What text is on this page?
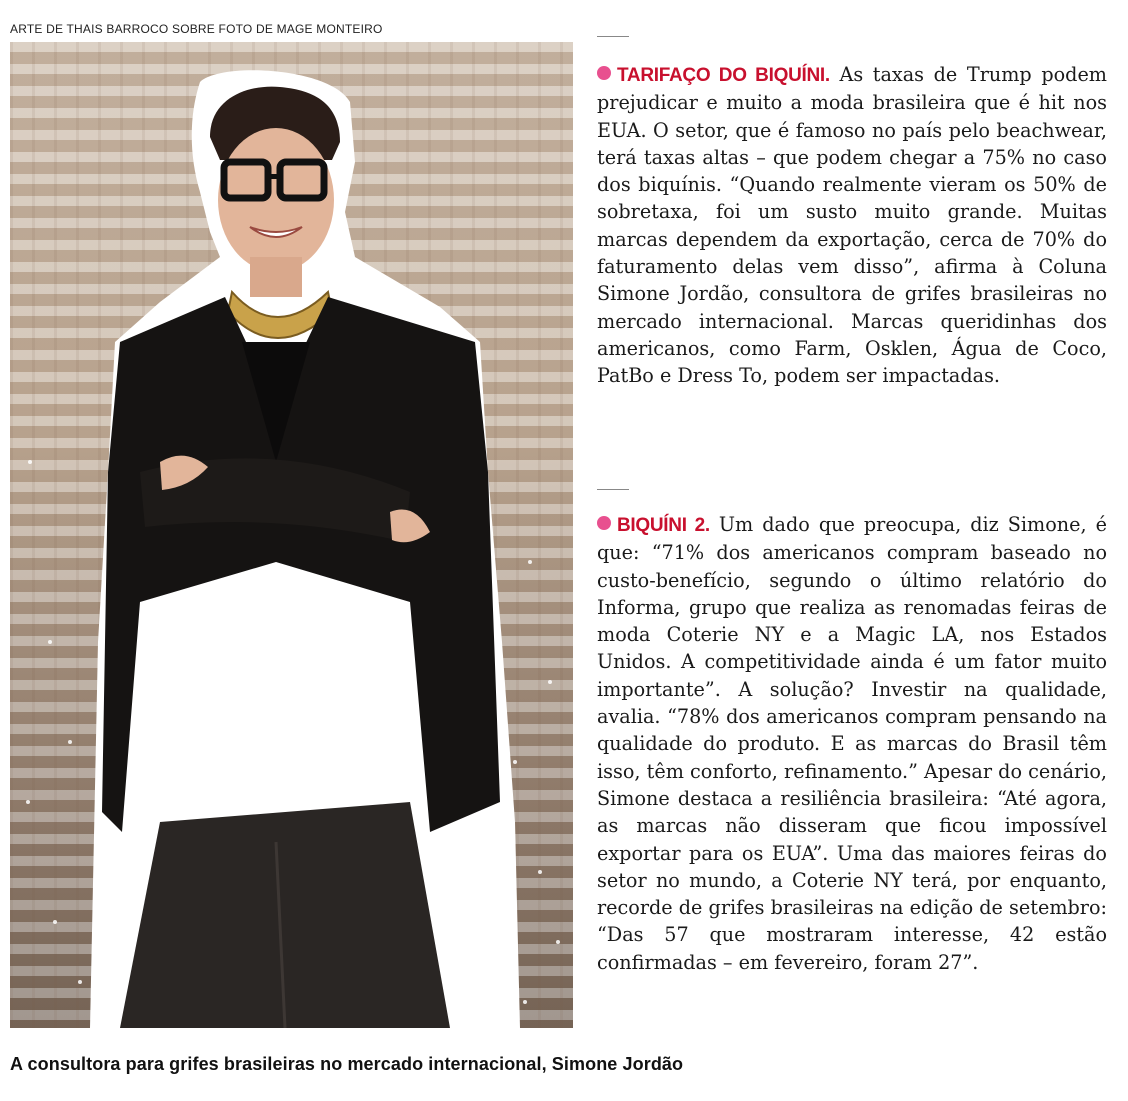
ARTE DE THAIS BARROCO SOBRE FOTO DE MAGE MONTEIRO
TARIFAÇO DO BIQUÍNI. As taxas de Trump podem prejudicar e muito a moda brasileira que é hit nos EUA. O setor, que é famoso no país pelo beachwear, terá taxas altas – que podem chegar a 75% no caso dos biquínis. “Quando realmente vieram os 50% de sobretaxa, foi um susto muito grande. Muitas marcas dependem da exportação, cerca de 70% do faturamento delas vem disso”, afirma à Coluna Simone Jordão, consultora de grifes brasileiras no mercado internacional. Marcas queridinhas dos americanos, como Farm, Osklen, Água de Coco, PatBo e Dress To, podem ser impactadas.
BIQUÍNI 2. Um dado que preocupa, diz Simone, é que: “71% dos americanos compram baseado no custo-benefício, segundo o último relatório do Informa, grupo que realiza as renomadas feiras de moda Coterie NY e a Magic LA, nos Estados Unidos. A competitividade ainda é um fator muito importante”. A solução? Investir na qualidade, avalia. “78% dos americanos compram pensando na qualidade do produto. E as marcas do Brasil têm isso, têm conforto, refinamento.” Apesar do cenário, Simone destaca a resiliência brasileira: “Até agora, as marcas não disseram que ficou impossível exportar para os EUA”. Uma das maiores feiras do setor no mundo, a Coterie NY terá, por enquanto, recorde de grifes brasileiras na edição de setembro: “Das 57 que mostraram interesse, 42 estão confirmadas – em fevereiro, foram 27”.
A consultora para grifes brasileiras no mercado internacional, Simone Jordão
